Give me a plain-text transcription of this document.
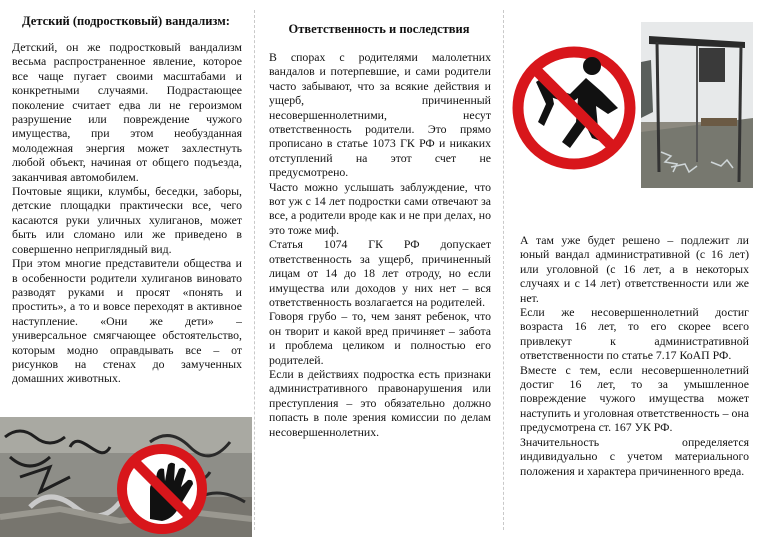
Детский (подростковый) вандализм:

Детский, он же подростковый вандализм весьма распространенное явление, которое все чаще пугает своими масштабами и конкретными случаями. Подрастающее поколение считает едва ли не героизмом разрушение или повреждение чужого имущества, при этом необузданная молодежная энергия может захлестнуть любой объект, начиная от общего подъезда, заканчивая автомобилем.

Почтовые ящики, клумбы, беседки, заборы, детские площадки практически все, чего касаются руки уличных хулиганов, может быть или сломано или же приведено в совершенно неприглядный вид.

При этом многие представители общества и в особенности родители хулиганов виновато разводят руками и просят «понять и простить», а то и вовсе переходят в активное наступление. «Они же дети» – универсальное смягчающее обстоятельство, которым модно оправдывать все – от рисунков на стенах до замученных домашних животных.

Ответственность и последствия

В спорах с родителями малолетних вандалов и потерпевшие, и сами родители часто забывают, что за всякие действия и ущерб, причиненный несовершеннолетними, несут ответственность родители. Это прямо прописано в статье 1073 ГК РФ и никаких отступлений на этот счет не предусмотрено.

Часто можно услышать заблуждение, что вот уж с 14 лет подростки сами отвечают за все, а родители вроде как и не при делах, но это тоже миф.

Статья 1074 ГК РФ допускает ответственность за ущерб, причиненный лицам от 14 до 18 лет отроду, но если имущества или доходов у них нет – вся ответственность возлагается на родителей.

Говоря грубо – то, чем занят ребенок, что он творит и какой вред причиняет – забота и проблема целиком и полностью его родителей.

Если в действиях подростка есть признаки административного правонарушения или преступления – это обязательно должно попасть в поле зрения комиссии по делам несовершеннолетних.

А там уже будет решено – подлежит ли юный вандал административной (с 16 лет) или уголовной (с 16 лет, а в некоторых случаях и с 14 лет) ответственности или же нет.

Если же несовершеннолетний достиг возраста 16 лет, то его скорее всего привлекут к административной ответственности по статье 7.17 КоАП РФ.

Вместе с тем, если несовершеннолетний достиг 16 лет, то за умышленное повреждение чужого имущества может наступить и уголовная ответственность – она предусмотрена ст. 167 УК РФ.

Значительность определяется индивидуально с учетом материального положения и характера причиненного вреда.
